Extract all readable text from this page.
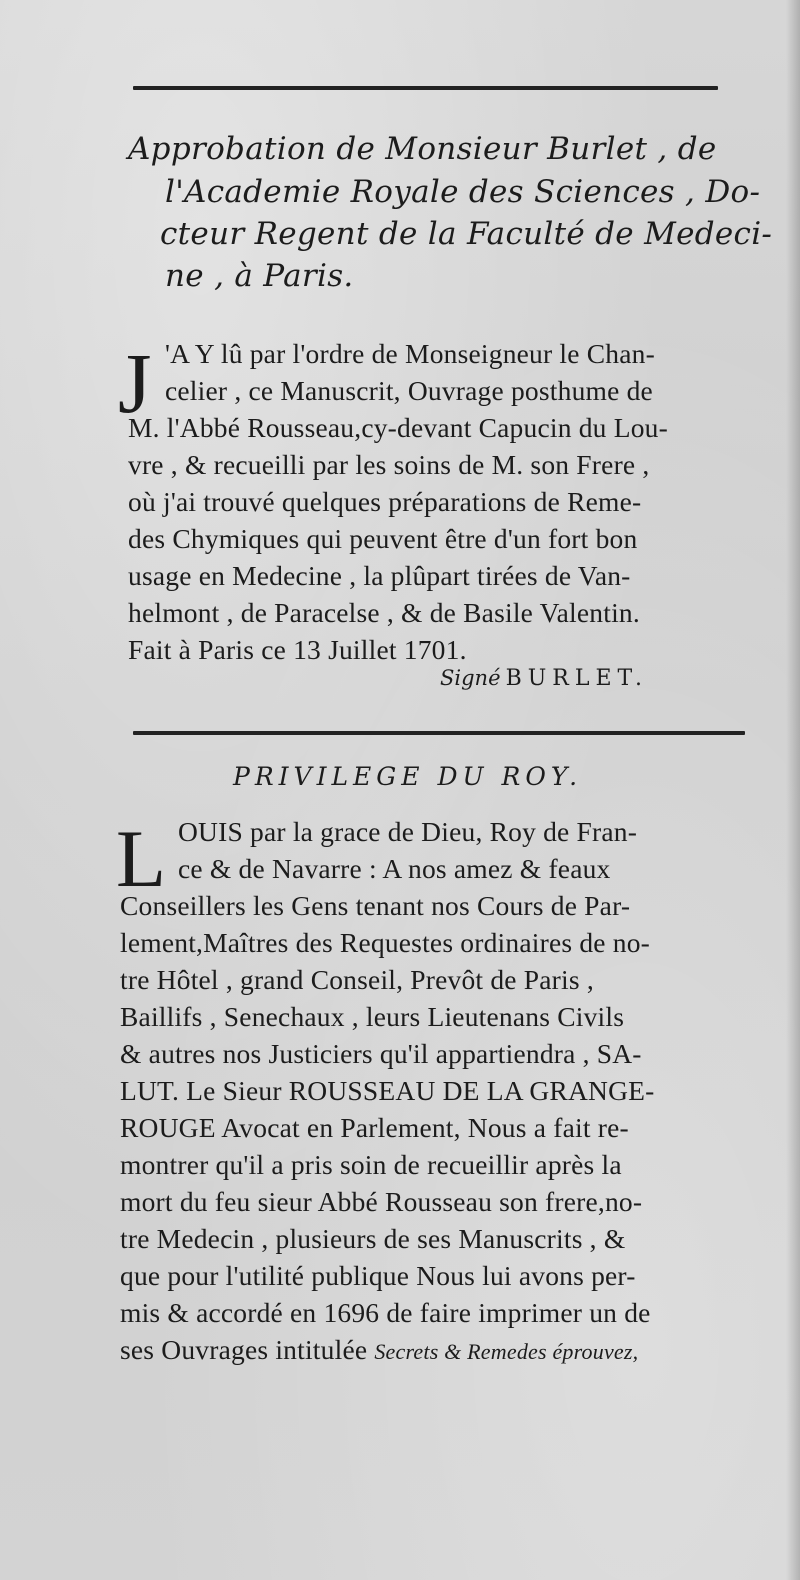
Approbation de Monsieur Burlet , de
l'Academie Royale des Sciences , Do-
cteur Regent de la Faculté de Medeci-
ne , à Paris.
J 'A Y lû par l'ordre de Monseigneur le Chan-
celier , ce Manuscrit, Ouvrage posthume de
M. l'Abbé Rousseau,cy-devant Capucin du Lou-
vre , & recueilli par les soins de M. son Frere ,
où j'ai trouvé quelques préparations de Reme-
des Chymiques qui peuvent être d'un fort bon
usage en Medecine , la plûpart tirées de Van-
helmont , de Paracelse , & de Basile Valentin.
Fait à Paris ce 13 Juillet 1701.
Signé BURLET.
PRIVILEGE DU ROY.
L OUIS par la grace de Dieu, Roy de Fran-
ce & de Navarre : A nos amez & feaux
Conseillers les Gens tenant nos Cours de Par-
lement,Maîtres des Requestes ordinaires de no-
tre Hôtel , grand Conseil, Prevôt de Paris ,
Baillifs , Senechaux , leurs Lieutenans Civils
& autres nos Justiciers qu'il appartiendra , SA-
LUT. Le Sieur ROUSSEAU DE LA GRANGE-
ROUGE Avocat en Parlement, Nous a fait re-
montrer qu'il a pris soin de recueillir après la
mort du feu sieur Abbé Rousseau son frere,no-
tre Medecin , plusieurs de ses Manuscrits , &
que pour l'utilité publique Nous lui avons per-
mis & accordé en 1696 de faire imprimer un de
ses Ouvrages intitulée Secrets & Remedes éprouvez,
